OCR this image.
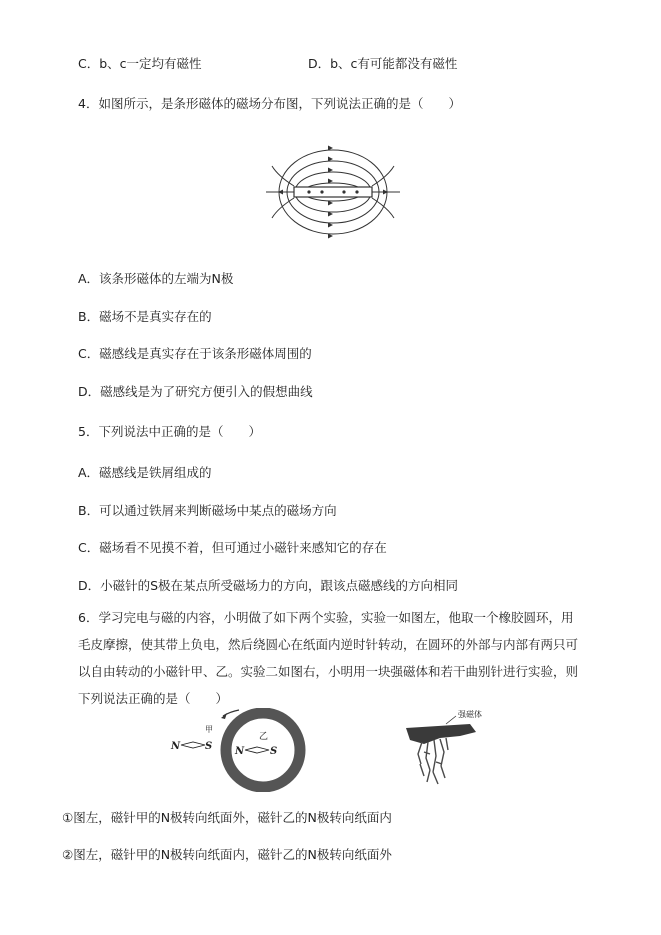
C．b、c一定均有磁性	D．b、c有可能都没有磁性
4．如图所示，是条形磁体的磁场分布图，下列说法正确的是（　　）
A．该条形磁体的左端为N极
B．磁场不是真实存在的
C．磁感线是真实存在于该条形磁体周围的
D．磁感线是为了研究方便引入的假想曲线
5．下列说法中正确的是（　　）
A．磁感线是铁屑组成的
B．可以通过铁屑来判断磁场中某点的磁场方向
C．磁场看不见摸不着，但可通过小磁针来感知它的存在
D．小磁针的S极在某点所受磁场力的方向，跟该点磁感线的方向相同
6．学习完电与磁的内容，小明做了如下两个实验，实验一如图左，他取一个橡胶圆环，用毛皮摩擦，使其带上负电，然后绕圆心在纸面内逆时针转动，在圆环的外部与内部有两只可以自由转动的小磁针甲、乙。实验二如图右，小明用一块强磁体和若干曲别针进行实验，则下列说法正确的是（　　）
甲
N S
乙
N	S
强磁体
①图左，磁针甲的N极转向纸面外，磁针乙的N极转向纸面内
②图左，磁针甲的N极转向纸面内，磁针乙的N极转向纸面外
